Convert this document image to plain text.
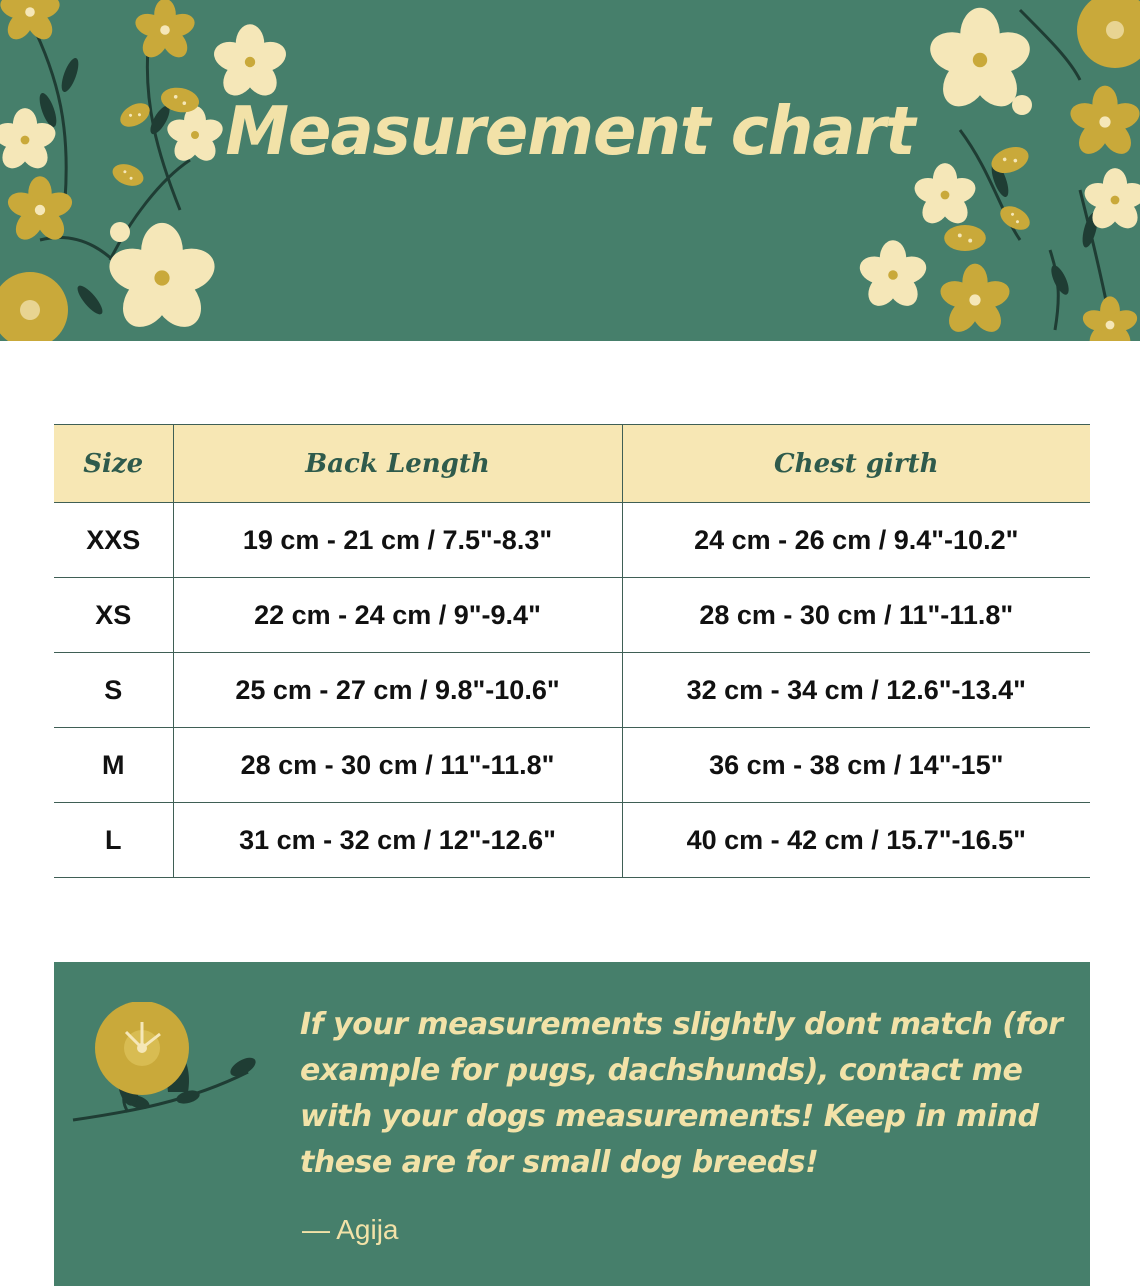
Measurement chart
Size	Back Length	Chest girth
XXS	19 cm - 21 cm / 7.5"-8.3"	24 cm - 26 cm / 9.4"-10.2"
XS	22 cm - 24 cm / 9"-9.4"	28 cm - 30 cm / 11"-11.8"
S	25 cm - 27 cm / 9.8"-10.6"	32 cm - 34 cm / 12.6"-13.4"
M	28 cm - 30 cm / 11"-11.8"	36 cm - 38 cm / 14"-15"
L	31 cm - 32 cm / 12"-12.6"	40 cm - 42 cm / 15.7"-16.5"
If your measurements slightly dont match (for example for pugs, dachshunds), contact me with your dogs measurements! Keep in mind these are for small dog breeds!
— Agija
